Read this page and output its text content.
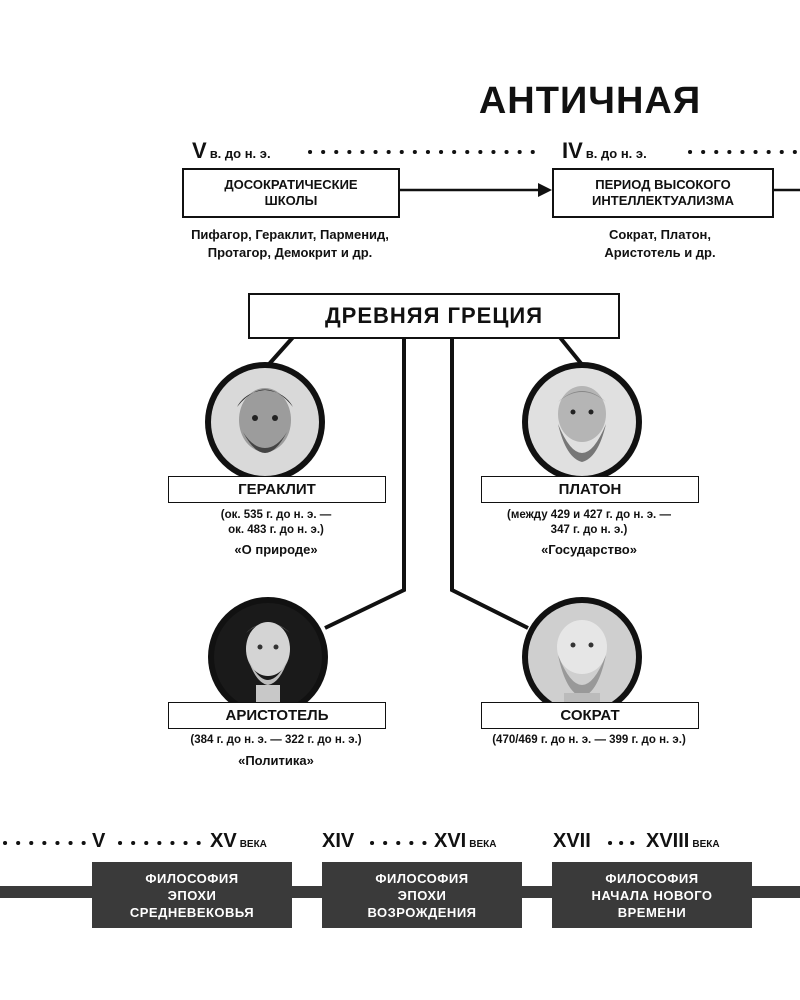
АНТИЧНАЯ
Vв. до н. э.	IV в. до н. э.
ДОСОКРАТИЧЕСКИЕ
ШКОЛЫ
Пифагор, Гераклит, Парменид,
Протагор, Демокрит и др.
ПЕРИОД ВЫСОКОГО
ИНТЕЛЛЕКТУАЛИЗМА
Сократ, Платон,
Аристотель и др.
ДРЕВНЯЯ ГРЕЦИЯ
ГЕРАКЛИТ
(ок. 535 г. до н. э. —
ок. 483 г. до н. э.)
«О природе»
ПЛАТОН
(между 429 и 427 г. до н. э. —
347 г. до н. э.)
«Государство»
АРИСТОТЕЛЬ
(384 г. до н. э. — 322 г. до н. э.)
«Политика»
СОКРАТ
(470/469 г. до н. э. — 399 г. до н. э.)
V	XV ВЕКА	XIV	XVI ВЕКА	XVII	XVIII ВЕКА
ФИЛОСОФИЯ
ЭПОХИ
СРЕДНЕВЕКОВЬЯ
ФИЛОСОФИЯ
ЭПОХИ
ВОЗРОЖДЕНИЯ
ФИЛОСОФИЯ
НАЧАЛА НОВОГО
ВРЕМЕНИ
